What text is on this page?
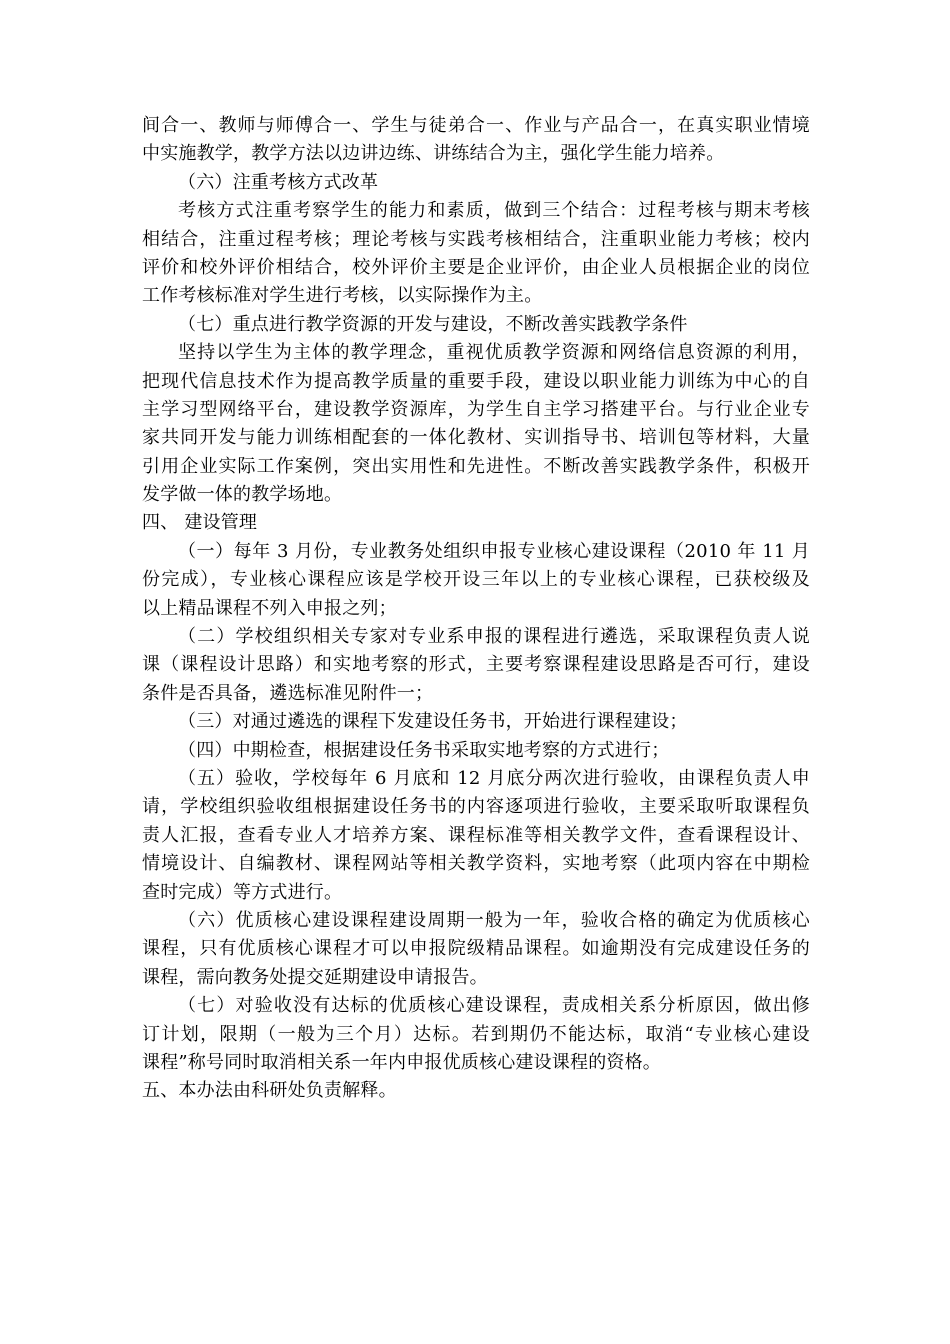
间合一、教师与师傅合一、学生与徒弟合一、作业与产品合一，在真实职业情境
中实施教学，教学方法以边讲边练、讲练结合为主，强化学生能力培养。
（六）注重考核方式改革
考核方式注重考察学生的能力和素质，做到三个结合：过程考核与期末考核
相结合，注重过程考核；理论考核与实践考核相结合，注重职业能力考核；校内
评价和校外评价相结合，校外评价主要是企业评价，由企业人员根据企业的岗位
工作考核标准对学生进行考核，以实际操作为主。
（七）重点进行教学资源的开发与建设，不断改善实践教学条件
坚持以学生为主体的教学理念，重视优质教学资源和网络信息资源的利用，
把现代信息技术作为提高教学质量的重要手段，建设以职业能力训练为中心的自
主学习型网络平台，建设教学资源库，为学生自主学习搭建平台。与行业企业专
家共同开发与能力训练相配套的一体化教材、实训指导书、培训包等材料，大量
引用企业实际工作案例，突出实用性和先进性。不断改善实践教学条件，积极开
发学做一体的教学场地。
四、 建设管理
（一）每年 3 月份，专业教务处组织申报专业核心建设课程（2010 年 11 月
份完成），专业核心课程应该是学校开设三年以上的专业核心课程，已获校级及
以上精品课程不列入申报之列；
（二）学校组织相关专家对专业系申报的课程进行遴选，采取课程负责人说
课（课程设计思路）和实地考察的形式，主要考察课程建设思路是否可行，建设
条件是否具备，遴选标准见附件一；
（三）对通过遴选的课程下发建设任务书，开始进行课程建设；
（四）中期检查，根据建设任务书采取实地考察的方式进行；
（五）验收，学校每年 6 月底和 12 月底分两次进行验收，由课程负责人申
请，学校组织验收组根据建设任务书的内容逐项进行验收，主要采取听取课程负
责人汇报，查看专业人才培养方案、课程标准等相关教学文件，查看课程设计、
情境设计、自编教材、课程网站等相关教学资料，实地考察（此项内容在中期检
查时完成）等方式进行。
（六）优质核心建设课程建设周期一般为一年，验收合格的确定为优质核心
课程，只有优质核心课程才可以申报院级精品课程。如逾期没有完成建设任务的
课程，需向教务处提交延期建设申请报告。
（七）对验收没有达标的优质核心建设课程，责成相关系分析原因，做出修
订计划，限期（一般为三个月）达标。若到期仍不能达标，取消“专业核心建设
课程”称号同时取消相关系一年内申报优质核心建设课程的资格。
五、本办法由科研处负责解释。
